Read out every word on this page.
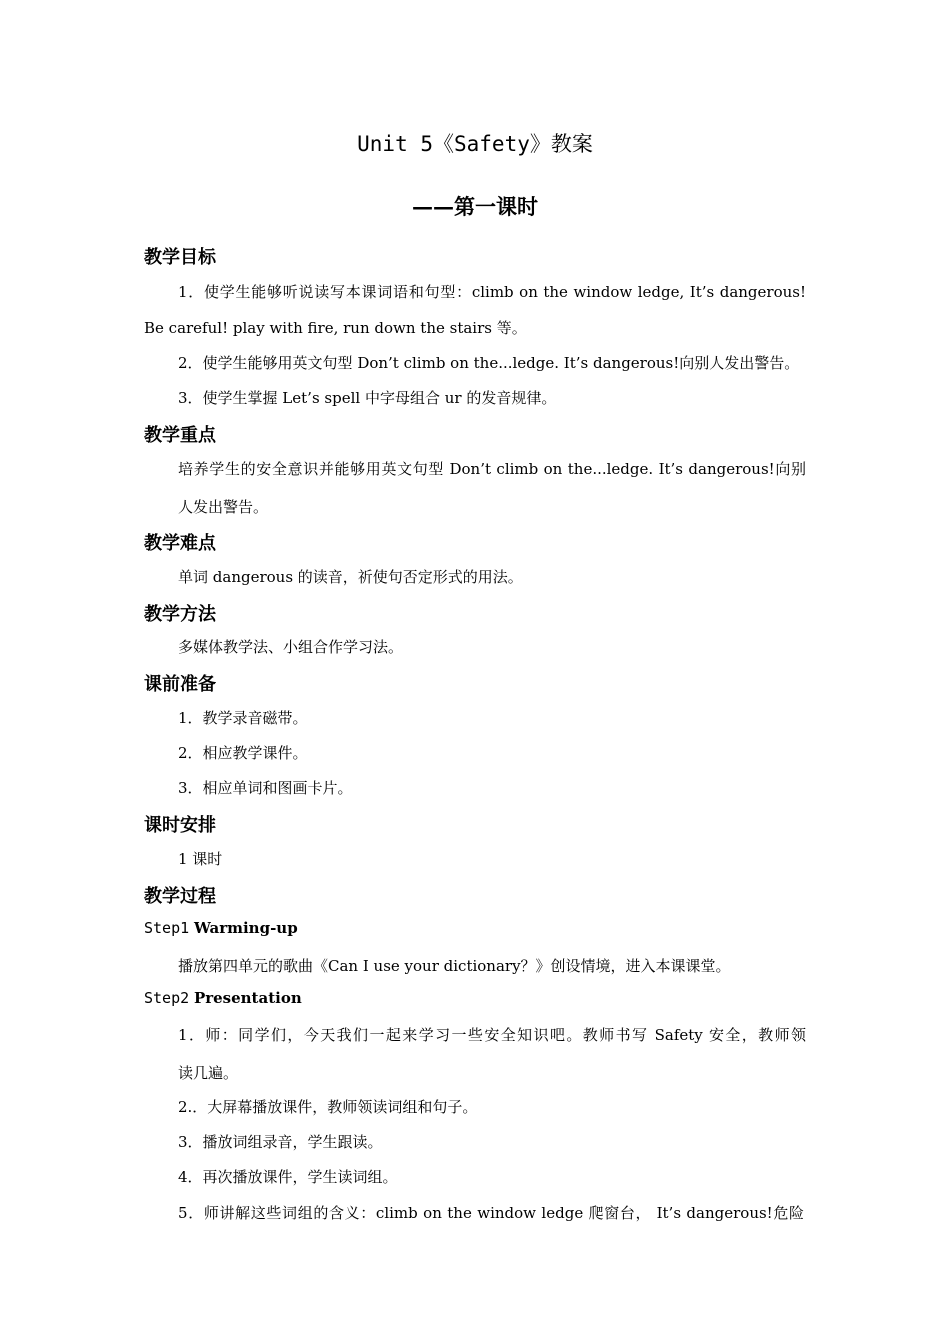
Unit 5《Safety》教案
——第一课时
教学目标
1．使学生能够听说读写本课词语和句型：climb on the window ledge, It’s dangerous!
Be careful! play with fire, run down the stairs 等。
2．使学生能够用英文句型 Don’t climb on the...ledge. It’s dangerous!向别人发出警告。
3．使学生掌握 Let’s spell 中字母组合 ur 的发音规律。
教学重点
培养学生的安全意识并能够用英文句型 Don’t climb on the...ledge. It’s dangerous!向别
人发出警告。
教学难点
单词 dangerous 的读音，祈使句否定形式的用法。
教学方法
多媒体教学法、小组合作学习法。
课前准备
1．教学录音磁带。
2．相应教学课件。
3．相应单词和图画卡片。
课时安排
1 课时
教学过程
Step1 Warming-up
播放第四单元的歌曲《Can I use your dictionary？》创设情境，进入本课课堂。
Step2 Presentation
1．师：同学们，今天我们一起来学习一些安全知识吧。教师书写 Safety 安全，教师领
读几遍。
2.．大屏幕播放课件，教师领读词组和句子。
3．播放词组录音，学生跟读。
4．再次播放课件，学生读词组。
5．师讲解这些词组的含义：climb on the window ledge 爬窗台， It’s dangerous!危险
